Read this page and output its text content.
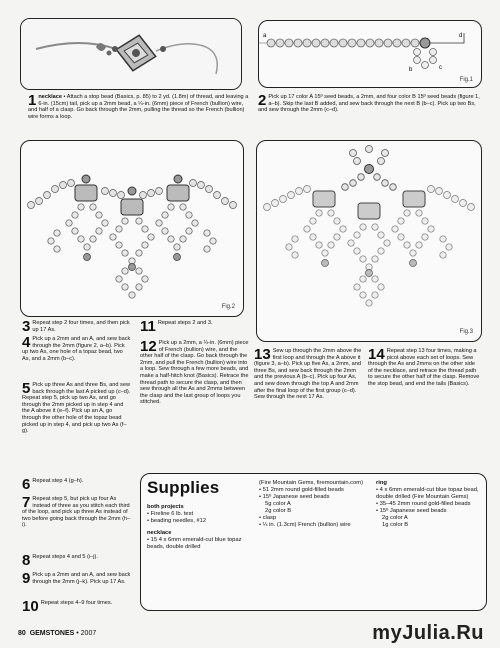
a
b	c
d
Fig.1
1 necklace • Attach a stop bead (Basics, p. 85) to 2 yd. (1.8m) of thread, and leaving a 6-in. (15cm) tail, pick up a 2mm bead, a ¼-in. (6mm) piece of French (bullion) wire, and half of a clasp. Go back through the 2mm, pulling the thread so the French (bullion) wire forms a loop.
2 Pick up 17 color A 15º seed beads, a 2mm, and four color B 15º seed beads (figure 1, a–b). Skip the last B added, and sew back through the next B (b–c). Pick up two Bs, and sew through the 2mm (c–d).
Fig.2
Fig.3
3 Repeat step 2 four times, and then pick up 17 As.
4 Pick up a 2mm and an A, and sew back through the 2mm (figure 2, a–b). Pick up two As, one hole of a topaz bead, two As, and a 2mm (b–c).
5 Pick up three As and three Bs, and sew back through the last A picked up (c–d). Repeat step 5, pick up two As, and go through the 2mm picked up in step 4 and the A above it (e–f). Pick up an A, go through the other hole of the topaz bead picked up in step 4, and pick up two As (f–g).
6 Repeat step 4 (g–h).
7 Repeat step 5, but pick up four As instead of three as you stitch each third of the loop, and pick up three As instead of two before going back through the 2mm (h–i).
8 Repeat steps 4 and 5 (i–j).
9 Pick up a 2mm and an A, and sew back through the 2mm (j–k). Pick up 17 As.
10 Repeat steps 4–9 four times.
11 Repeat steps 2 and 3.
12 Pick up a 2mm, a ¼-in. (6mm) piece of French (bullion) wire, and the other half of the clasp. Go back through the 2mm, and pull the French (bullion) wire into a loop. Sew through a few more beads, and make a half-hitch knot (Basics). Retrace the thread path to secure the clasp, and then sew through all the As and 2mms between the clasp and the last group of loops you stitched.
13 Sew up through the 2mm above the first loop and through the A above it (figure 3, a–b). Pick up five As, a 2mm, and three Bs, and sew back through the 2mm and the previous A (b–c). Pick up four As, and sew down through the top A and 2mm after the final loop of the first group (c–d). Sew through the next 17 As.
14 Repeat step 13 four times, making a picot above each set of loops. Sew through the As and 2mms on the other side of the necklace, and retrace the thread path to secure the other half of the clasp. Remove the stop bead, and end the tails (Basics).
Supplies
both projects
• Fireline 6 lb. test
• beading needles, #12
necklace
• 15 4 x 6mm emerald-cut blue topaz beads, double drilled
(Fire Mountain Gems, firemountain.com)
• 51 2mm round gold-filled beads
• 15º Japanese seed beads
5g color A
2g color B
• clasp
• ¼ in. (1.3cm) French (bullion) wire
ring
• 4 x 6mm emerald-cut blue topaz bead, double drilled (Fire Mountain Gems)
• 35–45 2mm round gold-filled beads
• 15º Japanese seed beads
2g color A
1g color B
80 GEMSTONES • 2007	myJulia.Ru
